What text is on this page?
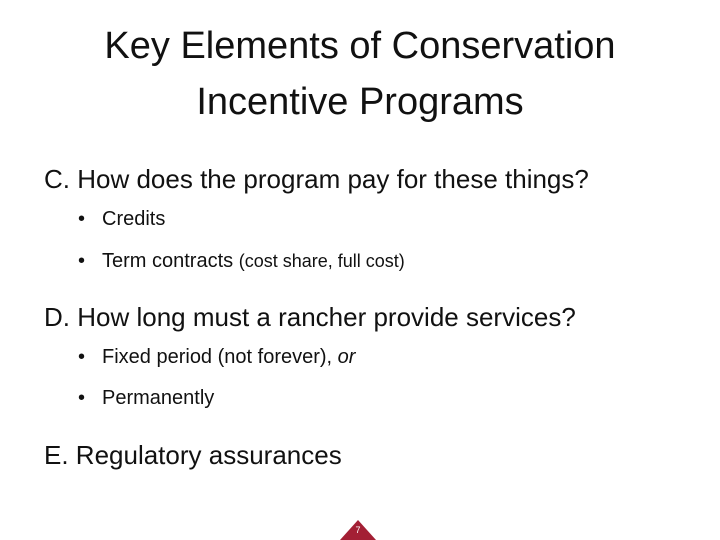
Key Elements of Conservation
Incentive Programs
C. How does the program pay for these things?
• Credits
• Term contracts (cost share, full cost)
D. How long must a rancher provide services?
• Fixed period (not forever), or
• Permanently
E. Regulatory assurances
7
